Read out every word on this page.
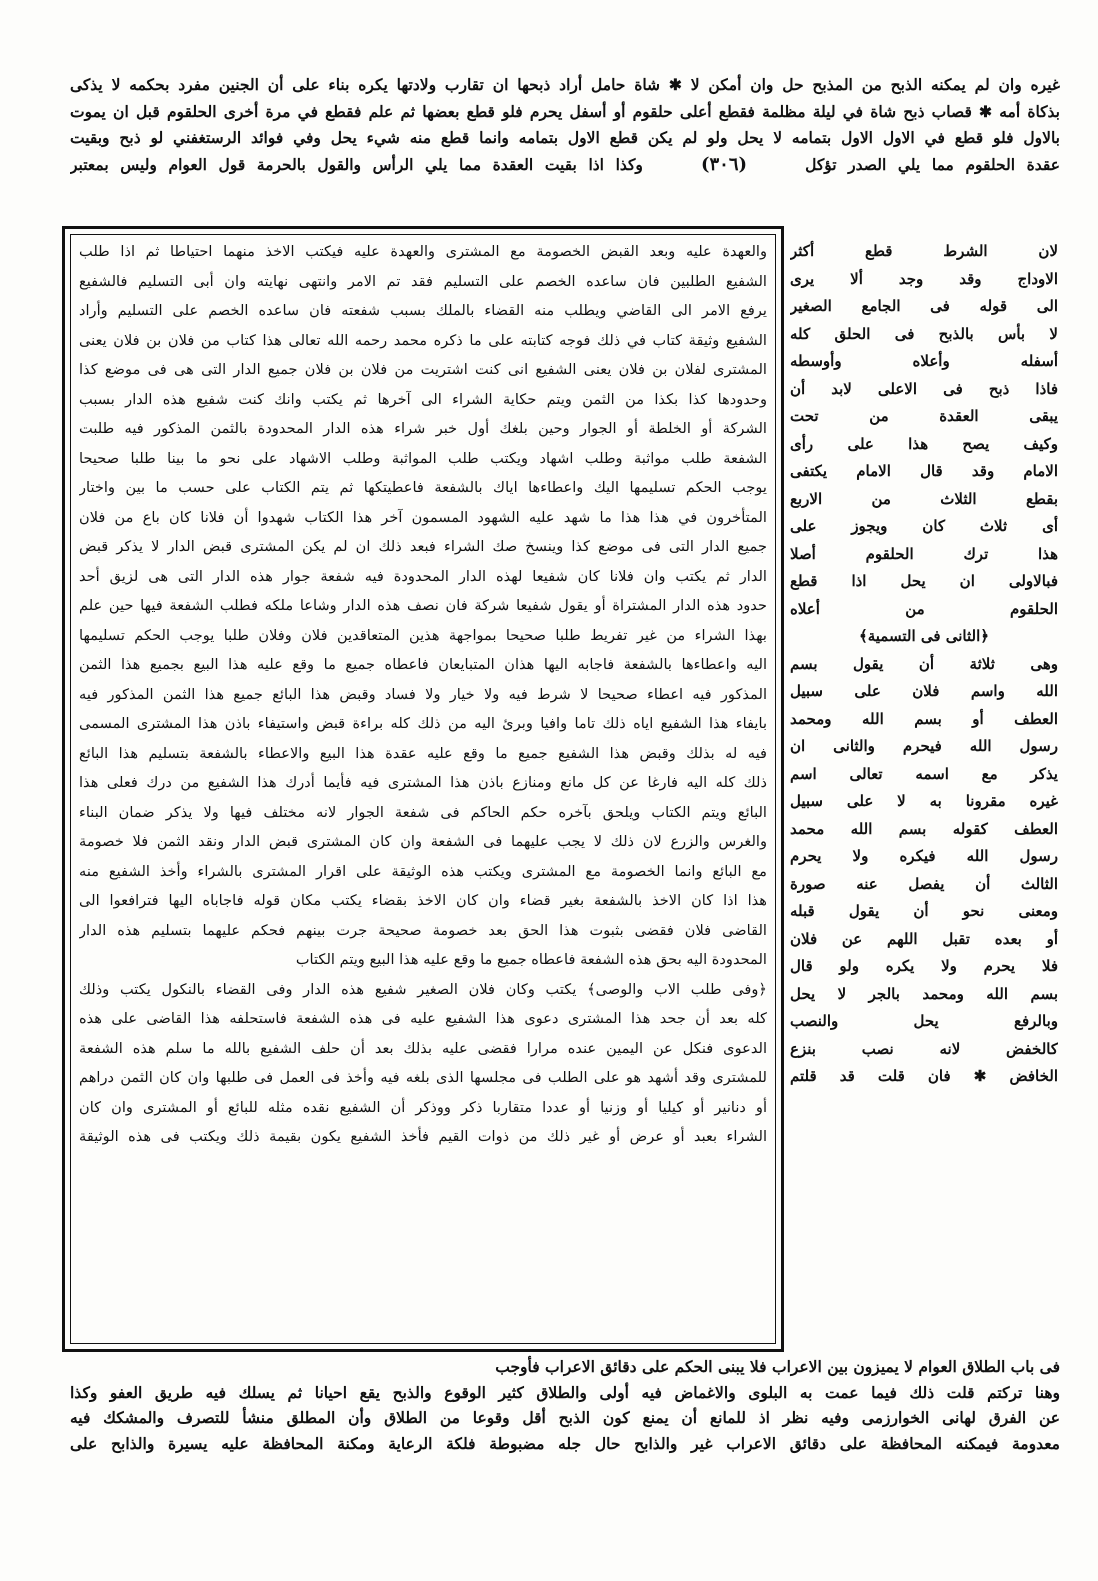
غيره وان لم يمكنه الذبح من المذبح حل وان أمكن لا ✱ شاة حامل أراد ذبحها ان تقارب ولادتها يكره بناء على أن الجنين مفرد بحكمه لا يذكى
بذكاة أمه ✱ قصاب ذبح شاة في ليلة مظلمة فقطع أعلى حلقوم أو أسفل يحرم فلو قطع بعضها ثم علم فقطع في مرة أخرى الحلقوم قبل ان يموت
بالاول فلو قطع في الاول الاول بتمامه لا يحل ولو لم يكن قطع الاول بتمامه وانما قطع منه شيء يحل وفي فوائد الرستغفني لو ذبح وبقيت
عقدة الحلقوم مما يلي الصدر تؤكل     (٣٠٦)     وكذا اذا بقيت العقدة مما يلي الرأس والقول بالحرمة قول العوام وليس بمعتبر
والعهدة عليه وبعد القبض الخصومة مع المشترى والعهدة عليه فيكتب الاخذ منهما احتياطا ثم اذا طلب
الشفيع الطلبين فان ساعده الخصم على التسليم فقد تم الامر وانتهى نهايته وان أبى التسليم فالشفيع
يرفع الامر الى القاضي ويطلب منه القضاء بالملك بسبب شفعته فان ساعده الخصم على التسليم وأراد
الشفيع وثيقة كتاب في ذلك فوجه كتابته على ما ذكره محمد رحمه الله تعالى هذا كتاب من فلان بن فلان يعنى
المشترى لفلان بن فلان يعنى الشفيع انى كنت اشتريت من فلان بن فلان جميع الدار التى هى فى موضع كذا
وحدودها كذا بكذا من الثمن ويتم حكاية الشراء الى آخرها ثم يكتب وانك كنت شفيع هذه الدار بسبب
الشركة أو الخلطة أو الجوار وحين بلغك أول خبر شراء هذه الدار المحدودة بالثمن المذكور فيه طلبت
الشفعة طلب مواثبة وطلب اشهاد ويكتب طلب المواثبة وطلب الاشهاد على نحو ما بينا طلبا صحيحا
يوجب الحكم تسليمها اليك واعطاءها اياك بالشفعة فاعطيتكها ثم يتم الكتاب على حسب ما بين واختار
المتأخرون في هذا هذا ما شهد عليه الشهود المسمون آخر هذا الكتاب شهدوا أن فلانا كان باع من فلان
جميع الدار التى فى موضع كذا وينسخ صك الشراء فبعد ذلك ان لم يكن المشترى قبض الدار لا يذكر قبض
الدار ثم يكتب وان فلانا كان شفيعا لهذه الدار المحدودة فيه شفعة جوار هذه الدار التى هى لزيق أحد
حدود هذه الدار المشتراة أو يقول شفيعا شركة فان نصف هذه الدار وشاعا ملكه فطلب الشفعة فيها حين علم
بهذا الشراء من غير تفريط طلبا صحيحا بمواجهة هذين المتعاقدين فلان وفلان طلبا يوجب الحكم تسليمها
اليه واعطاءها بالشفعة فاجابه اليها هذان المتبايعان فاعطاه جميع ما وقع عليه هذا البيع بجميع هذا الثمن
المذكور فيه اعطاء صحيحا لا شرط فيه ولا خيار ولا فساد وقبض هذا البائع جميع هذا الثمن المذكور فيه
بايفاء هذا الشفيع اياه ذلك تاما وافيا وبرئ اليه من ذلك كله براءة قبض واستيفاء باذن هذا المشترى المسمى
فيه له بذلك وقبض هذا الشفيع جميع ما وقع عليه عقدة هذا البيع والاعطاء بالشفعة بتسليم هذا البائع
ذلك كله اليه فارغا عن كل مانع ومنازع باذن هذا المشترى فيه فأيما أدرك هذا الشفيع من درك فعلى هذا
البائع ويتم الكتاب ويلحق بآخره حكم الحاكم فى شفعة الجوار لانه مختلف فيها ولا يذكر ضمان البناء
والغرس والزرع لان ذلك لا يجب عليهما فى الشفعة وان كان المشترى قبض الدار ونقد الثمن فلا خصومة
مع البائع وانما الخصومة مع المشترى ويكتب هذه الوثيقة على اقرار المشترى بالشراء وأخذ الشفيع منه
هذا اذا كان الاخذ بالشفعة بغير قضاء وان كان الاخذ بقضاء يكتب مكان قوله فاجاباه اليها فترافعوا الى
القاضى فلان فقضى بثبوت هذا الحق بعد خصومة صحيحة جرت بينهم فحكم عليهما بتسليم هذه الدار
المحدودة اليه بحق هذه الشفعة فاعطاه جميع ما وقع عليه هذا البيع ويتم الكتاب
﴿وفى طلب الاب والوصى﴾ يكتب وكان فلان الصغير شفيع هذه الدار وفى القضاء بالنكول يكتب وذلك
كله بعد أن جحد هذا المشترى دعوى هذا الشفيع عليه فى هذه الشفعة فاستحلفه هذا القاضى على هذه
الدعوى فنكل عن اليمين عنده مرارا فقضى عليه بذلك بعد أن حلف الشفيع بالله ما سلم هذه الشفعة
للمشترى وقد أشهد هو على الطلب فى مجلسها الذى بلغه فيه وأخذ فى العمل فى طلبها وان كان الثمن دراهم
أو دنانير أو كيليا أو وزنيا أو عددا متقاربا ذكر ووذكر أن الشفيع نقده مثله للبائع أو المشترى وان كان
الشراء بعبد أو عرض أو غير ذلك من ذوات القيم فأخذ الشفيع يكون بقيمة ذلك ويكتب فى هذه الوثيقة
لان الشرط قطع أكثر
الاوداج وقد وجد ألا يرى
الى قوله فى الجامع الصغير
لا بأس بالذبح فى الحلق كله
أسفله وأعلاه وأوسطه
فاذا ذبح فى الاعلى لابد أن
يبقى العقدة من تحت
وكيف يصح هذا على رأى
الامام وقد قال الامام يكتفى
بقطع الثلاث من الاربع
أى ثلاث كان ويجوز على
هذا ترك الحلقوم أصلا
فبالاولى ان يحل اذا قطع
الحلقوم من أعلاه
﴿الثانى فى التسمية﴾
وهى ثلاثة أن يقول بسم
الله واسم فلان على سبيل
العطف أو بسم الله ومحمد
رسول الله فيحرم والثانى ان
يذكر مع اسمه تعالى اسم
غيره مقرونا به لا على سبيل
العطف كقوله بسم الله محمد
رسول الله فيكره ولا يحرم
الثالث أن يفصل عنه صورة
ومعنى نحو أن يقول قبله
أو بعده تقبل اللهم عن فلان
فلا يحرم ولا يكره ولو قال
بسم الله ومحمد بالجر لا يحل
وبالرفع يحل والنصب
كالخفض لانه نصب بنزع
الخافض ✱ فان قلت قد قلتم
فى باب الطلاق العوام لا يميزون بين الاعراب فلا يبنى الحكم على دقائق الاعراب فأوجب
وهنا تركتم قلت ذلك فيما عمت به البلوى والاغماض فيه أولى والطلاق كثير الوقوع والذبح يقع احيانا ثم يسلك فيه طريق العفو وكذا
عن الفرق لهانى الخوارزمى وفيه نظر اذ للمانع أن يمنع كون الذبح أقل وقوعا من الطلاق وأن المطلق منشأ للتصرف والمشكك فيه
معدومة فيمكنه المحافظة على دقائق الاعراب غير والذابح حال جله مضبوطة فلكة الرعاية ومكنة المحافظة عليه يسيرة والذابح على
